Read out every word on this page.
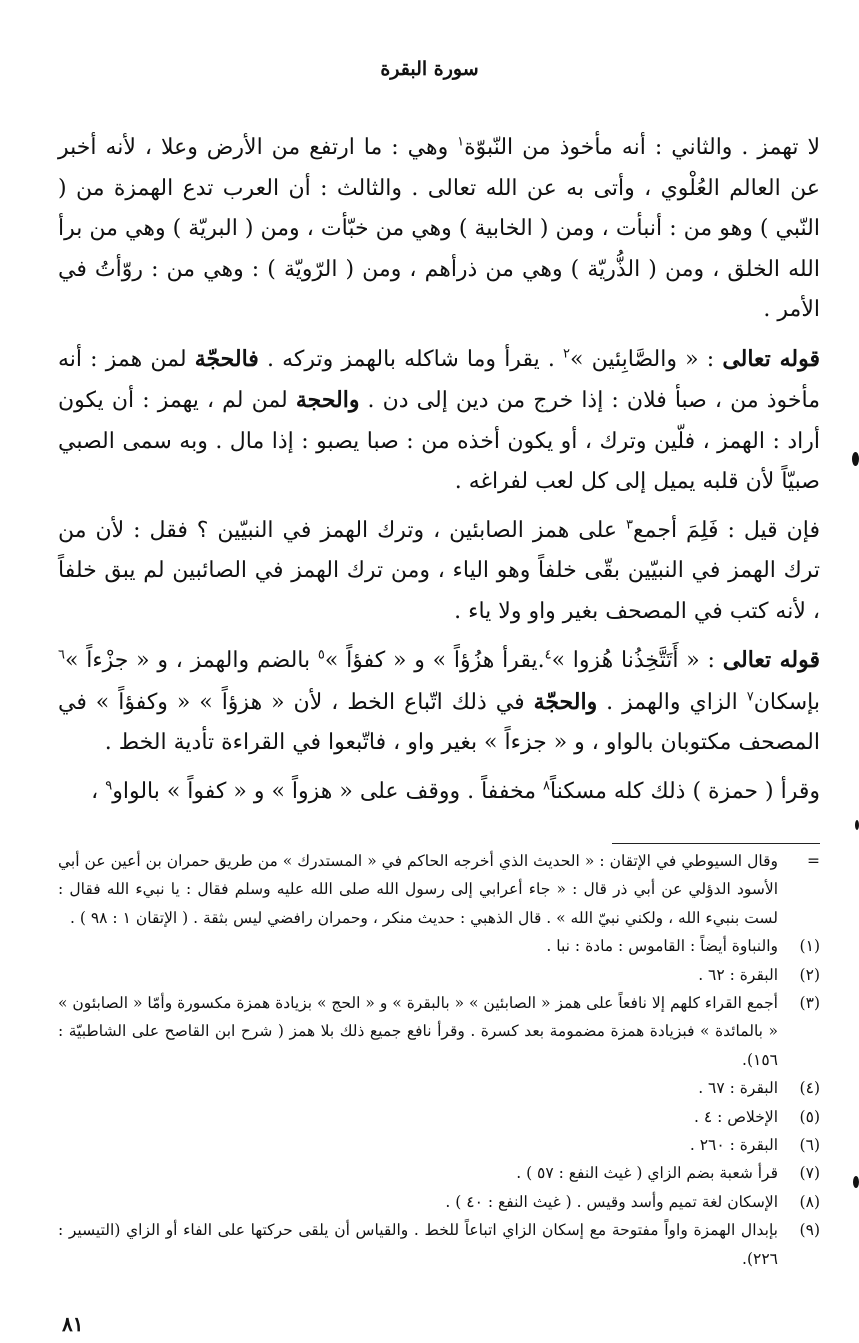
سورة البقرة

لا تهمز . والثاني : أنه مأخوذ من النّبوّة$^١$ وهي : ما ارتفع من الأرض وعلا ، لأنه أخبر عن العالم العُلْوي ، وأتى به عن الله تعالى . والثالث : أن العرب تدع الهمزة من ( النّبي ) وهو من : أنبأت ، ومن ( الخابية ) وهي من خبّأت ، ومن ( البريّة ) وهي من برأ الله الخلق ، ومن ( الذُّريّة ) وهي من ذرأهم ، ومن ( الرّويّة ) : وهي من : روّأتُ في الأمر .

قوله تعالى : « والصَّابِئين »$^٢$ . يقرأ وما شاكله بالهمز وتركه . فالحجّة لمن همز : أنه مأخوذ من ، صبأ فلان : إذا خرج من دين إلى دن . والحجة لمن لم ، يهمز : أن يكون أراد : الهمز ، فلّين وترك ، أو يكون أخذه من : صبا يصبو : إذا مال . وبه سمى الصبي صبيّاً لأن قلبه يميل إلى كل لعب لفراغه .

فإن قيل : فَلِمَ أجمع$^٣$ على همز الصابئين ، وترك الهمز في النبيّين ؟ فقل : لأن من ترك الهمز في النبيّين بقّى خلفاً وهو الياء ، ومن ترك الهمز في الصائبين لم يبق خلفاً ، لأنه كتب في المصحف بغير واو ولا ياء .

قوله تعالى : « أَتَتَّخِذُنا هُزوا »$^٤$.يقرأ هزُؤاً » و « كفؤاً »$^٥$ بالضم والهمز ، و « جزْءاً »$^٦$ بإسكان$^٧$ الزاي والهمز . والحجّة في ذلك اتّباع الخط ، لأن « هزؤاً » « وكفؤاً » في المصحف مكتوبان بالواو ، و « جزءاً » بغير واو ، فاتّبعوا في القراءة تأدية الخط .

وقرأ ( حمزة ) ذلك كله مسكناً$^٨$ مخففاً . ووقف على « هزواً » و « كفواً » بالواو$^٩$ ،

=
وقال السيوطي في الإتقان : « الحديث الذي أخرجه الحاكم في « المستدرك » من طريق حمران بن أعين عن أبي الأسود الدؤلي عن أبي ذر قال : « جاء أعرابي إلى رسول الله صلى الله عليه وسلم فقال : يا نبيء الله فقال : لست بنبيء الله ، ولكني نبيّ الله » . قال الذهبي : حديث منكر ، وحمران رافضي ليس بثقة . ( الإتقان ١ : ٩٨ ) .
(١)
والنباوة أيضاً : القاموس : مادة : نبا .
(٢)
البقرة : ٦٢ .
(٣)
أجمع القراء كلهم إلا نافعاً على همز « الصابئين » « بالبقرة » و « الحج » بزيادة همزة مكسورة وأمّا « الصابئون » « بالمائدة » فبزيادة همزة مضمومة بعد كسرة . وقرأ نافع جميع ذلك بلا همز ( شرح ابن القاصح على الشاطبيّة : ١٥٦).
(٤)
البقرة : ٦٧ .
(٥)
الإخلاص : ٤ .
(٦)
البقرة : ٢٦٠ .
(٧)
قرأ شعبة بضم الزاي ( غيث النفع : ٥٧ ) .
(٨)
الإسكان لغة تميم وأسد وقيس . ( غيث النفع : ٤٠ ) .
(٩)
بإبدال الهمزة واواً مفتوحة مع إسكان الزاي اتباعاً للخط . والقياس أن يلقى حركتها على الفاء أو الزاي (التيسير : ٢٢٦).
٨١
